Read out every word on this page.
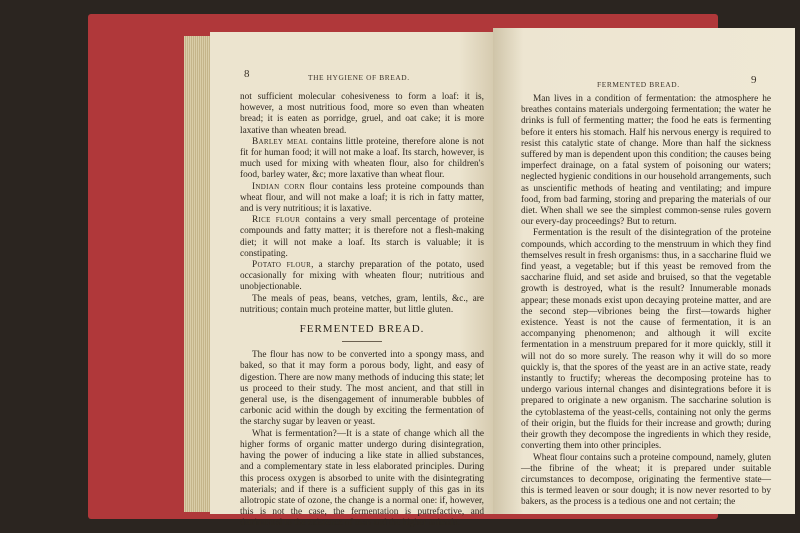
8	THE HYGIENE OF BREAD.

not sufficient molecular cohesiveness to form a loaf: it is, however, a most nutritious food, more so even than wheaten bread; it is eaten as porridge, gruel, and oat cake; it is more laxative than wheaten bread.

Barley meal contains little proteine, therefore alone is not fit for human food; it will not make a loaf. Its starch, however, is much used for mixing with wheaten flour, also for children's food, barley water, &c; more laxative than wheat flour.

Indian corn flour contains less proteine compounds than wheat flour, and will not make a loaf; it is rich in fatty matter, and is very nutritious; it is laxative.

Rice flour contains a very small percentage of proteine compounds and fatty matter; it is therefore not a flesh-making diet; it will not make a loaf. Its starch is valuable; it is constipating.

Potato flour, a starchy preparation of the potato, used occasionally for mixing with wheaten flour; nutritious and unobjectionable.

The meals of peas, beans, vetches, gram, lentils, &c., are nutritious; contain much proteine matter, but little gluten.

FERMENTED BREAD.

The flour has now to be converted into a spongy mass, and baked, so that it may form a porous body, light, and easy of digestion. There are now many methods of inducing this state; let us proceed to their study. The most ancient, and that still in general use, is the disengagement of innumerable bubbles of carbonic acid within the dough by exciting the fermentation of the starchy sugar by leaven or yeast.

What is fermentation?—It is a state of change which all the higher forms of organic matter undergo during disintegration, having the power of inducing a like state in allied substances, and a complementary state in less elaborated principles. During this process oxygen is absorbed to unite with the disintegrating materials; and if there is a sufficient supply of this gas in its allotropic state of ozone, the change is a normal one: if, however, this is not the case, the fermentation is putrefactive, and detrimental to the existence of man and the higher animals.

FERMENTED BREAD.	9

Man lives in a condition of fermentation: the atmosphere he breathes contains materials undergoing fermentation; the water he drinks is full of fermenting matter; the food he eats is fermenting before it enters his stomach. Half his nervous energy is required to resist this catalytic state of change. More than half the sickness suffered by man is dependent upon this condition; the causes being imperfect drainage, on a fatal system of poisoning our waters; neglected hygienic conditions in our household arrangements, such as unscientific methods of heating and ventilating; and impure food, from bad farming, storing and preparing the materials of our diet. When shall we see the simplest common-sense rules govern our every-day proceedings? But to return.

Fermentation is the result of the disintegration of the proteine compounds, which according to the menstruum in which they find themselves result in fresh organisms: thus, in a saccharine fluid we find yeast, a vegetable; but if this yeast be removed from the saccharine fluid, and set aside and bruised, so that the vegetable growth is destroyed, what is the result? Innumerable monads appear; these monads exist upon decaying proteine matter, and are the second step—vibriones being the first—towards higher existence. Yeast is not the cause of fermentation, it is an accompanying phenomenon; and although it will excite fermentation in a menstruum prepared for it more quickly, still it will not do so more surely. The reason why it will do so more quickly is, that the spores of the yeast are in an active state, ready instantly to fructify; whereas the decomposing proteine has to undergo various internal changes and disintegrations before it is prepared to originate a new organism. The saccharine solution is the cytoblastema of the yeast-cells, containing not only the germs of their origin, but the fluids for their increase and growth; during their growth they decompose the ingredients in which they reside, converting them into other principles.

Wheat flour contains such a proteine compound, namely, gluten—the fibrine of the wheat; it is prepared under suitable circumstances to decompose, originating the fermentive state—this is termed leaven or sour dough; it is now never resorted to by bakers, as the process is a tedious one and not certain; the
